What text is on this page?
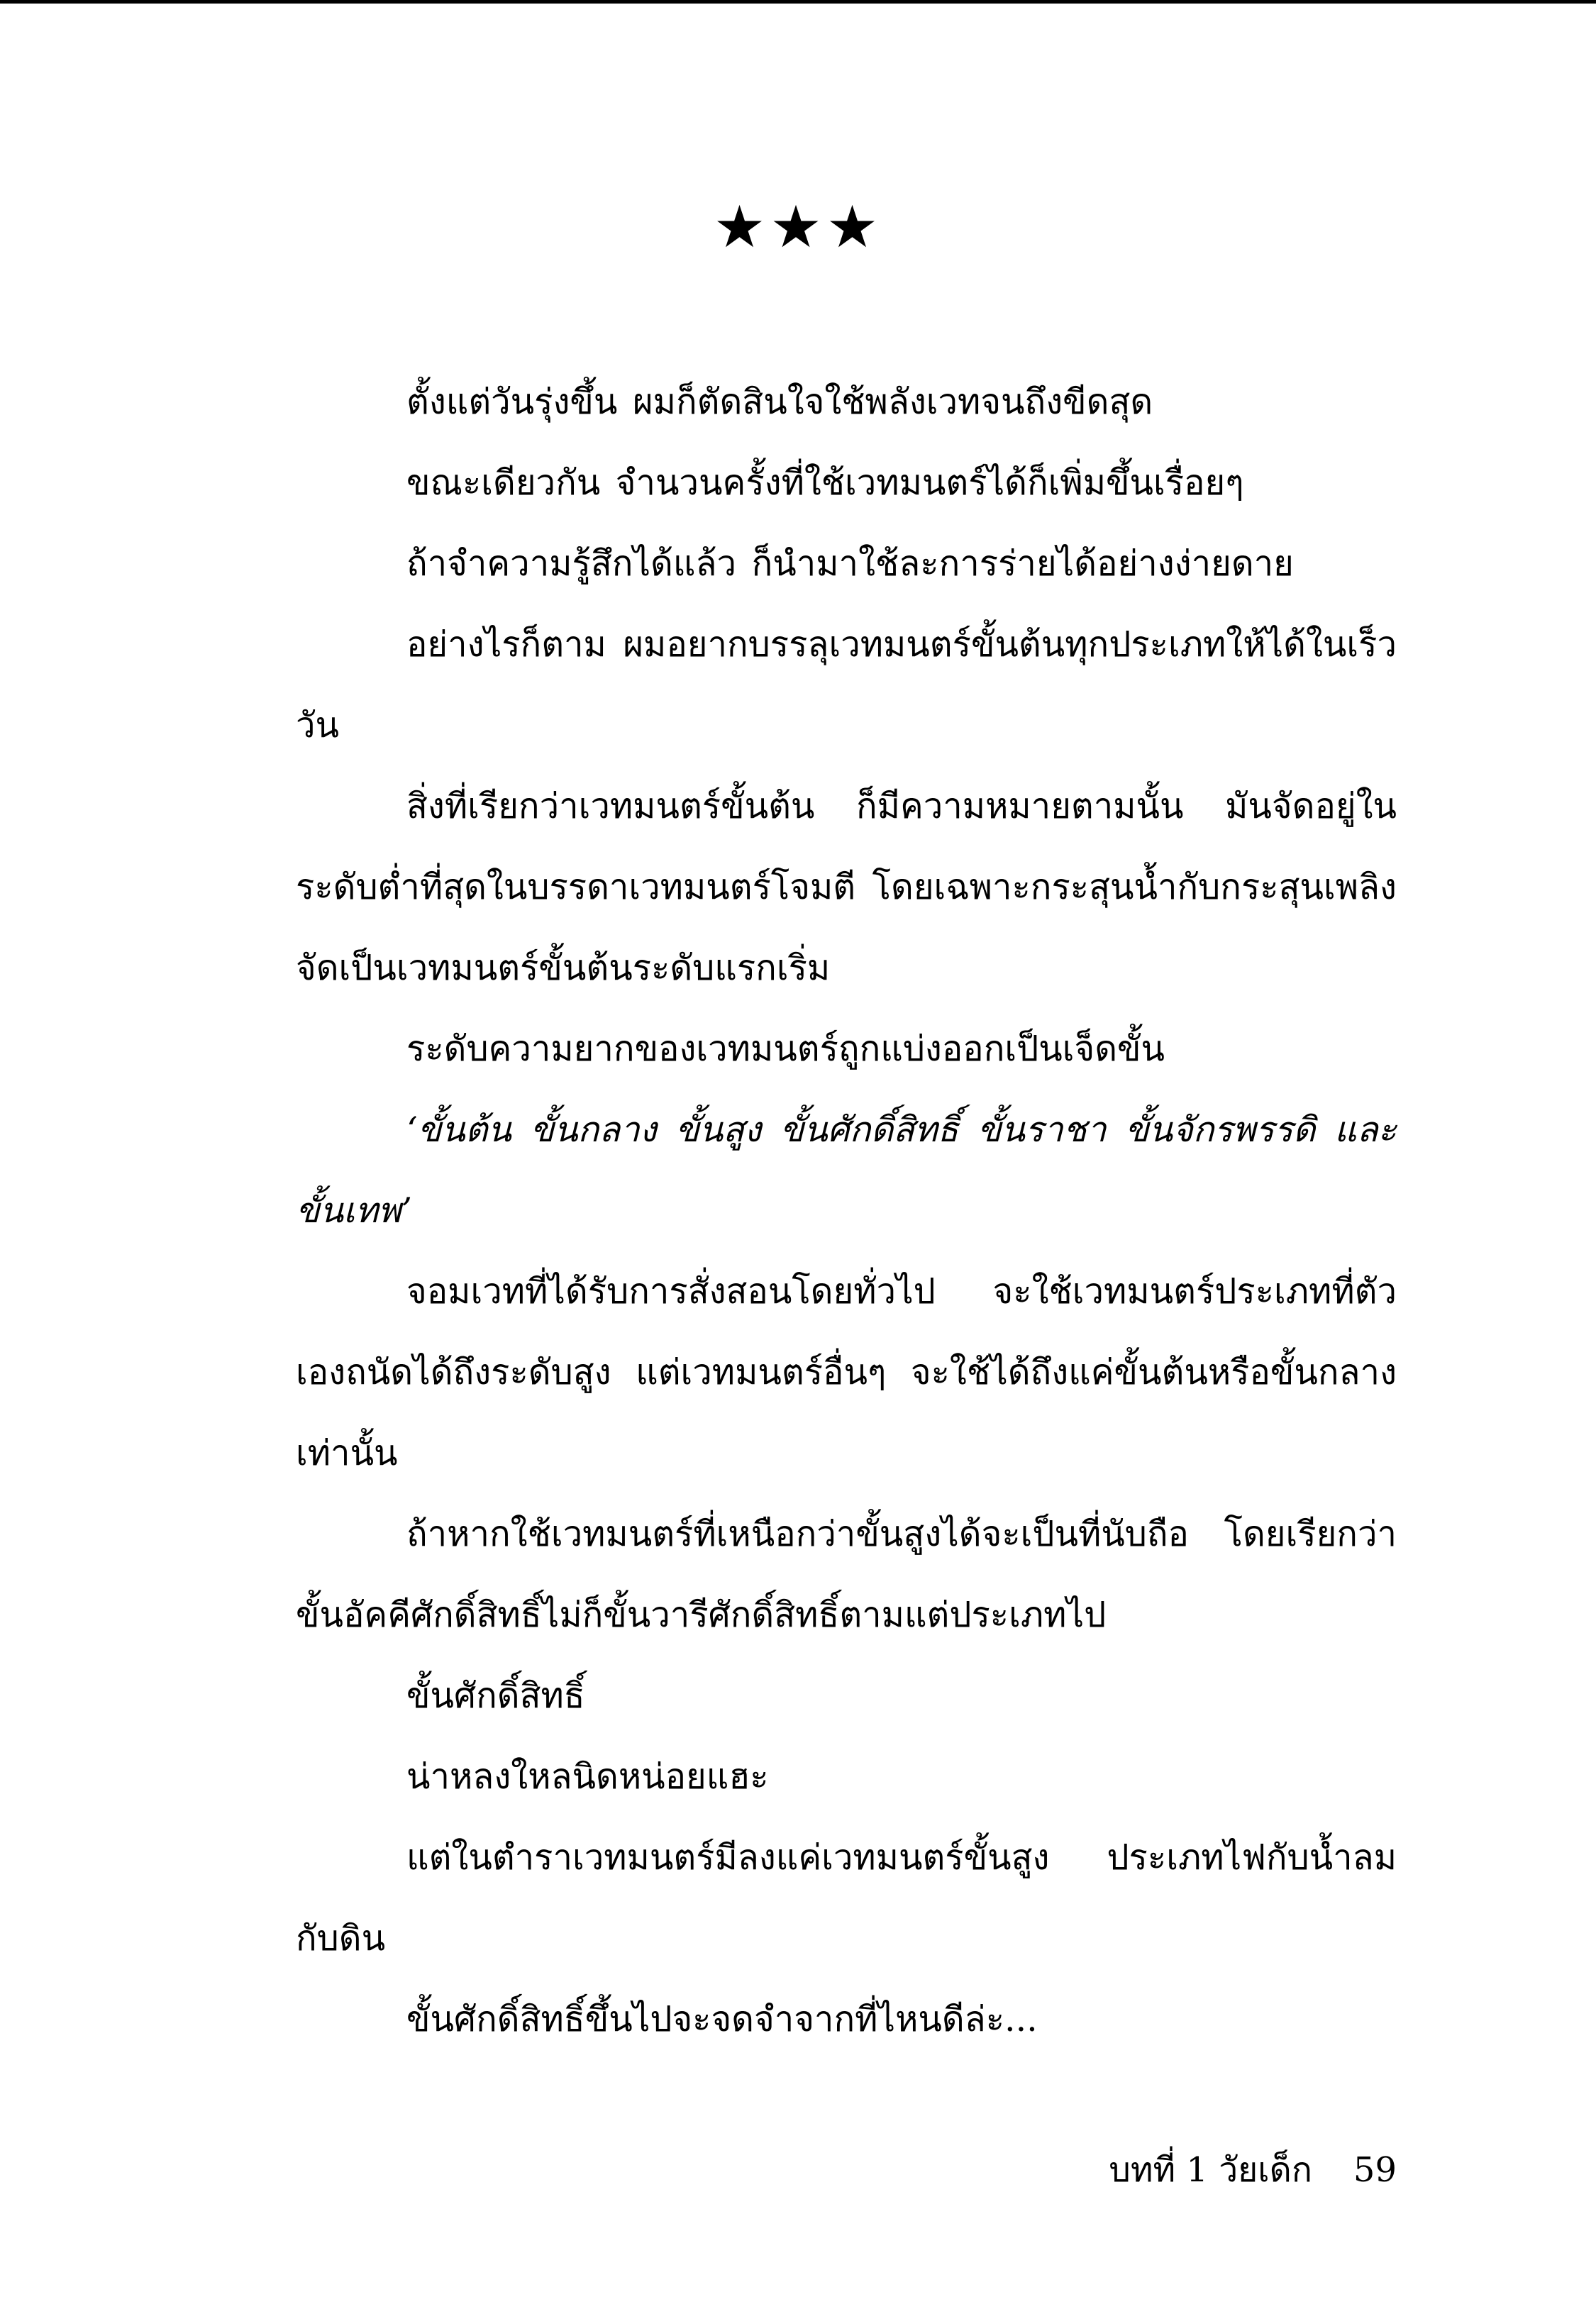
★★★

ตั้งแต่วันรุ่งขึ้น ผมก็ตัดสินใจใช้พลังเวทจนถึงขีดสุด

ขณะเดียวกัน จำนวนครั้งที่ใช้เวทมนตร์ได้ก็เพิ่มขึ้นเรื่อยๆ

ถ้าจำความรู้สึกได้แล้ว ก็นำมาใช้ละการร่ายได้อย่างง่ายดาย

อย่างไรก็ตาม ผมอยากบรรลุเวทมนตร์ขั้นต้นทุกประเภทให้ได้ในเร็ววัน

สิ่งที่เรียกว่าเวทมนตร์ขั้นต้น ก็มีความหมายตามนั้น มันจัดอยู่ในระดับต่ำที่สุดในบรรดาเวทมนตร์โจมตี โดยเฉพาะกระสุนน้ำกับกระสุนเพลิงจัดเป็นเวทมนตร์ขั้นต้นระดับแรกเริ่ม

ระดับความยากของเวทมนตร์ถูกแบ่งออกเป็นเจ็ดขั้น

‘ขั้นต้น ขั้นกลาง ขั้นสูง ขั้นศักดิ์สิทธิ์ ขั้นราชา ขั้นจักรพรรดิ และขั้นเทพ’

จอมเวทที่ได้รับการสั่งสอนโดยทั่วไป จะใช้เวทมนตร์ประเภทที่ตัวเองถนัดได้ถึงระดับสูง แต่เวทมนตร์อื่นๆ จะใช้ได้ถึงแค่ขั้นต้นหรือขั้นกลางเท่านั้น

ถ้าหากใช้เวทมนตร์ที่เหนือกว่าขั้นสูงได้จะเป็นที่นับถือ โดยเรียกว่าขั้นอัคคีศักดิ์สิทธิ์ไม่ก็ขั้นวารีศักดิ์สิทธิ์ตามแต่ประเภทไป

ขั้นศักดิ์สิทธิ์

น่าหลงใหลนิดหน่อยแฮะ

แต่ในตำราเวทมนตร์มีลงแค่เวทมนตร์ขั้นสูง ประเภทไฟกับน้ำลมกับดิน

ขั้นศักดิ์สิทธิ์ขึ้นไปจะจดจำจากที่ไหนดีล่ะ...

บทที่ 1 วัยเด็ก 59
